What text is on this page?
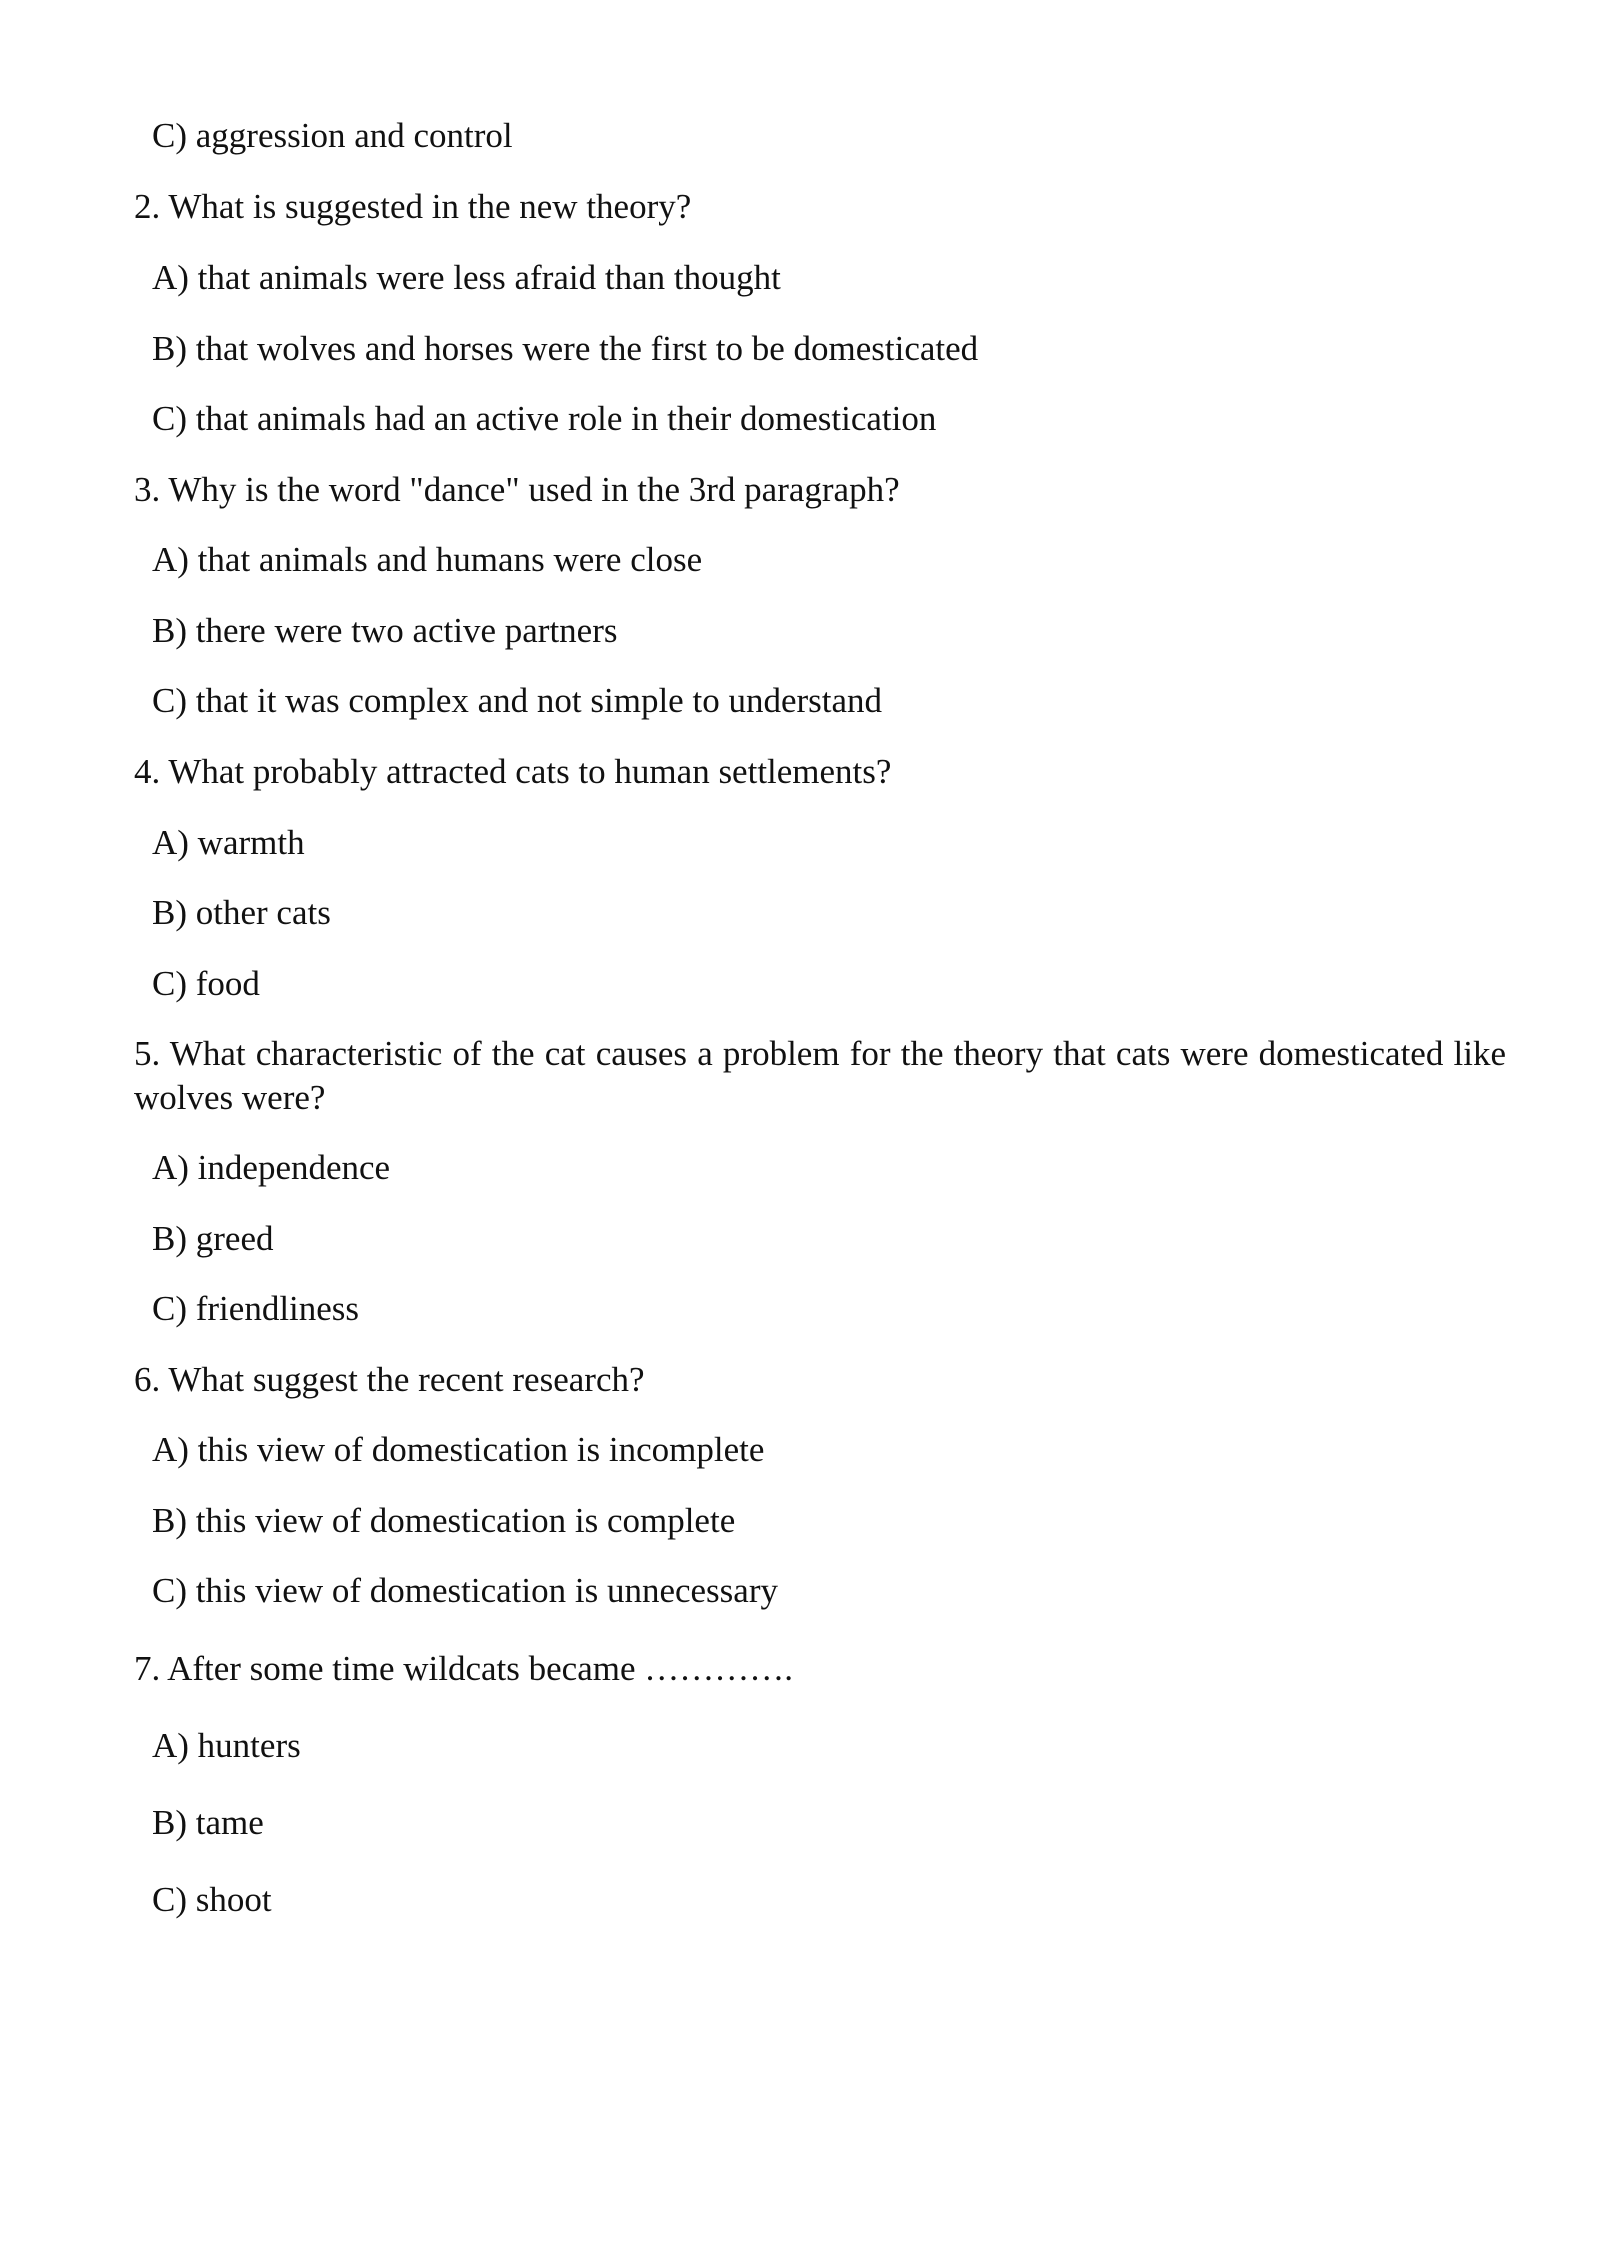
C) aggression and control
2. What is suggested in the new theory?
A) that animals were less afraid than thought
B) that wolves and horses were the first to be domesticated
C) that animals had an active role in their domestication
3. Why is the word "dance" used in the 3rd paragraph?
A) that animals and humans were close
B) there were two active partners
C) that it was complex and not simple to understand
4. What probably attracted cats to human settlements?
A) warmth
B) other cats
C) food
5. What characteristic of the cat causes a problem for the theory that cats were domesticated like wolves were?
A) independence
B) greed
C) friendliness
6. What suggest the recent research?
A) this view of domestication is incomplete
B) this view of domestication is complete
C) this view of domestication is unnecessary
7. After some time wildcats became ………….
A) hunters
B) tame
C) shoot
